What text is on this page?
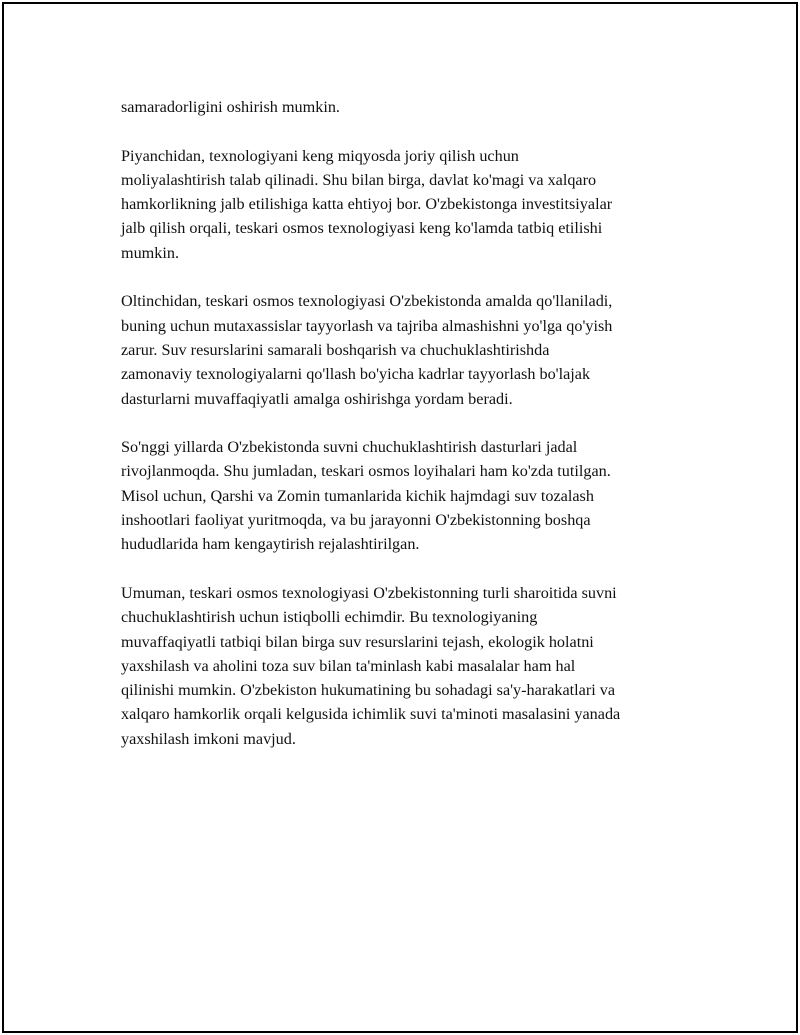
samaradorligini oshirish mumkin.

Piyanchidan, texnologiyani keng miqyosda joriy qilish uchun
moliyalashtirish talab qilinadi. Shu bilan birga, davlat ko'magi va xalqaro
hamkorlikning jalb etilishiga katta ehtiyoj bor. O'zbekistonga investitsiyalar
jalb qilish orqali, teskari osmos texnologiyasi keng ko'lamda tatbiq etilishi
mumkin.

Oltinchidan, teskari osmos texnologiyasi O'zbekistonda amalda qo'llaniladi,
buning uchun mutaxassislar tayyorlash va tajriba almashishni yo'lga qo'yish
zarur. Suv resurslarini samarali boshqarish va chuchuklashtirishda
zamonaviy texnologiyalarni qo'llash bo'yicha kadrlar tayyorlash bo'lajak
dasturlarni muvaffaqiyatli amalga oshirishga yordam beradi.

So'nggi yillarda O'zbekistonda suvni chuchuklashtirish dasturlari jadal
rivojlanmoqda. Shu jumladan, teskari osmos loyihalari ham ko'zda tutilgan.
Misol uchun, Qarshi va Zomin tumanlarida kichik hajmdagi suv tozalash
inshootlari faoliyat yuritmoqda, va bu jarayonni O'zbekistonning boshqa
hududlarida ham kengaytirish rejalashtirilgan.

Umuman, teskari osmos texnologiyasi O'zbekistonning turli sharoitida suvni
chuchuklashtirish uchun istiqbolli echimdir. Bu texnologiyaning
muvaffaqiyatli tatbiqi bilan birga suv resurslarini tejash, ekologik holatni
yaxshilash va aholini toza suv bilan ta'minlash kabi masalalar ham hal
qilinishi mumkin. O'zbekiston hukumatining bu sohadagi sa'y-harakatlari va
xalqaro hamkorlik orqali kelgusida ichimlik suvi ta'minoti masalasini yanada
yaxshilash imkoni mavjud.
